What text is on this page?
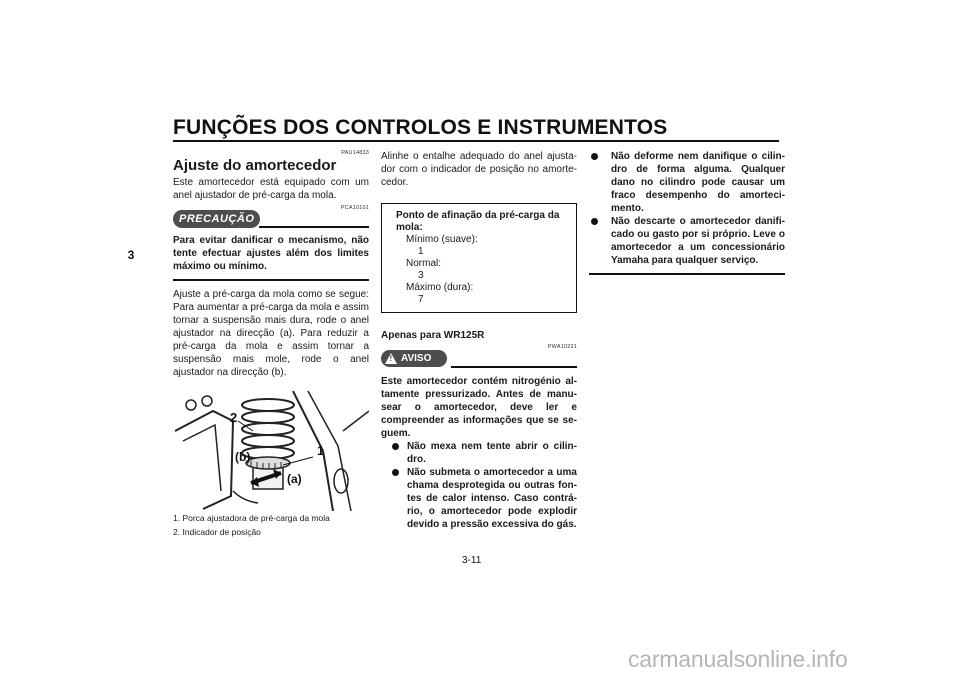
FUNÇÕES DOS CONTROLOS E INSTRUMENTOS
3
PAU14833
Ajuste do amortecedor
Este amortecedor está equipado com um anel ajustador de pré-carga da mola.
PCA10101
PRECAUÇÃO
Para evitar danificar o mecanismo, não tente efectuar ajustes além dos limites máximo ou mínimo.
Ajuste a pré-carga da mola como se segue: Para aumentar a pré-carga da mola e assim tornar a suspensão mais dura, rode o anel ajustador na direcção (a). Para reduzir a pré-carga da mola e assim tornar a suspensão mais mole, rode o anel ajustador na direcção (b).
2
(b)	1
(a)
1. Porca ajustadora de pré-carga da mola
2. Indicador de posição
Alinhe o entalhe adequado do anel ajusta-dor com o indicador de posição no amorte-cedor.
Ponto de afinação da pré-carga da mola:
Mínimo (suave):
1
Normal:
3
Máximo (dura):
7
Apenas para WR125R
PWA10221
! AVISO
Este amortecedor contém nitrogénio al-tamente pressurizado. Antes de manu-sear o amortecedor, deve ler e compreender as informações que se se-guem.
Não mexa nem tente abrir o cilin-dro.
Não submeta o amortecedor a uma chama desprotegida ou outras fon-tes de calor intenso. Caso contrá-rio, o amortecedor pode explodir devido a pressão excessiva do gás.
Não deforme nem danifique o cilin-dro de forma alguma. Qualquer dano no cilindro pode causar um fraco desempenho do amorteci-mento.
Não descarte o amortecedor danifi-cado ou gasto por si próprio. Leve o amortecedor a um concessionário Yamaha para qualquer serviço.
3-11
carmanualsonline.info
